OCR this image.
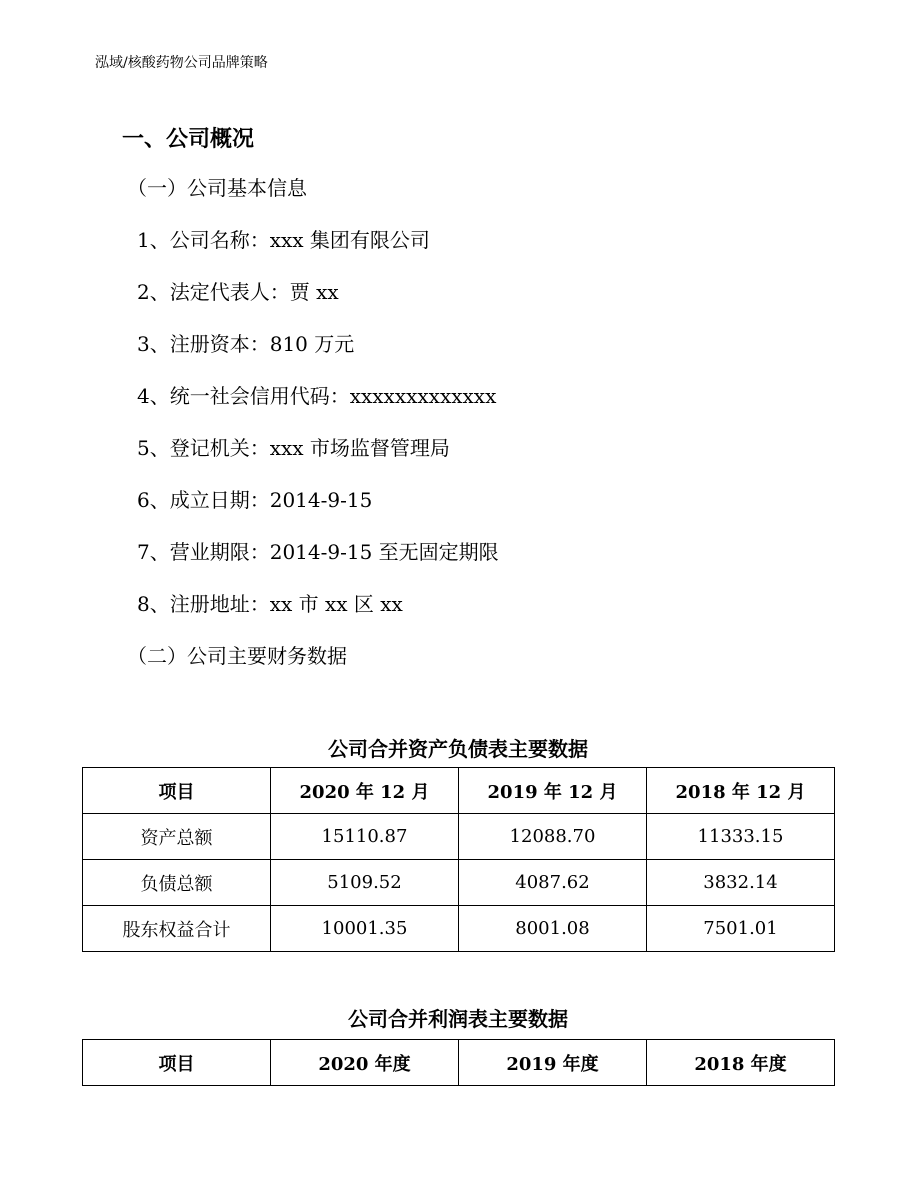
泓域/核酸药物公司品牌策略
一、公司概况
（一）公司基本信息
1、公司名称：xxx 集团有限公司
2、法定代表人：贾 xx
3、注册资本：810 万元
4、统一社会信用代码：xxxxxxxxxxxxx
5、登记机关：xxx 市场监督管理局
6、成立日期：2014-9-15
7、营业期限：2014-9-15 至无固定期限
8、注册地址：xx 市 xx 区 xx
（二）公司主要财务数据
公司合并资产负债表主要数据
项目	2020 年 12 月	2019 年 12 月	2018 年 12 月
资产总额	15110.87	12088.70	11333.15
负债总额	5109.52	4087.62	3832.14
股东权益合计	10001.35	8001.08	7501.01
公司合并利润表主要数据
项目	2020 年度	2019 年度	2018 年度
